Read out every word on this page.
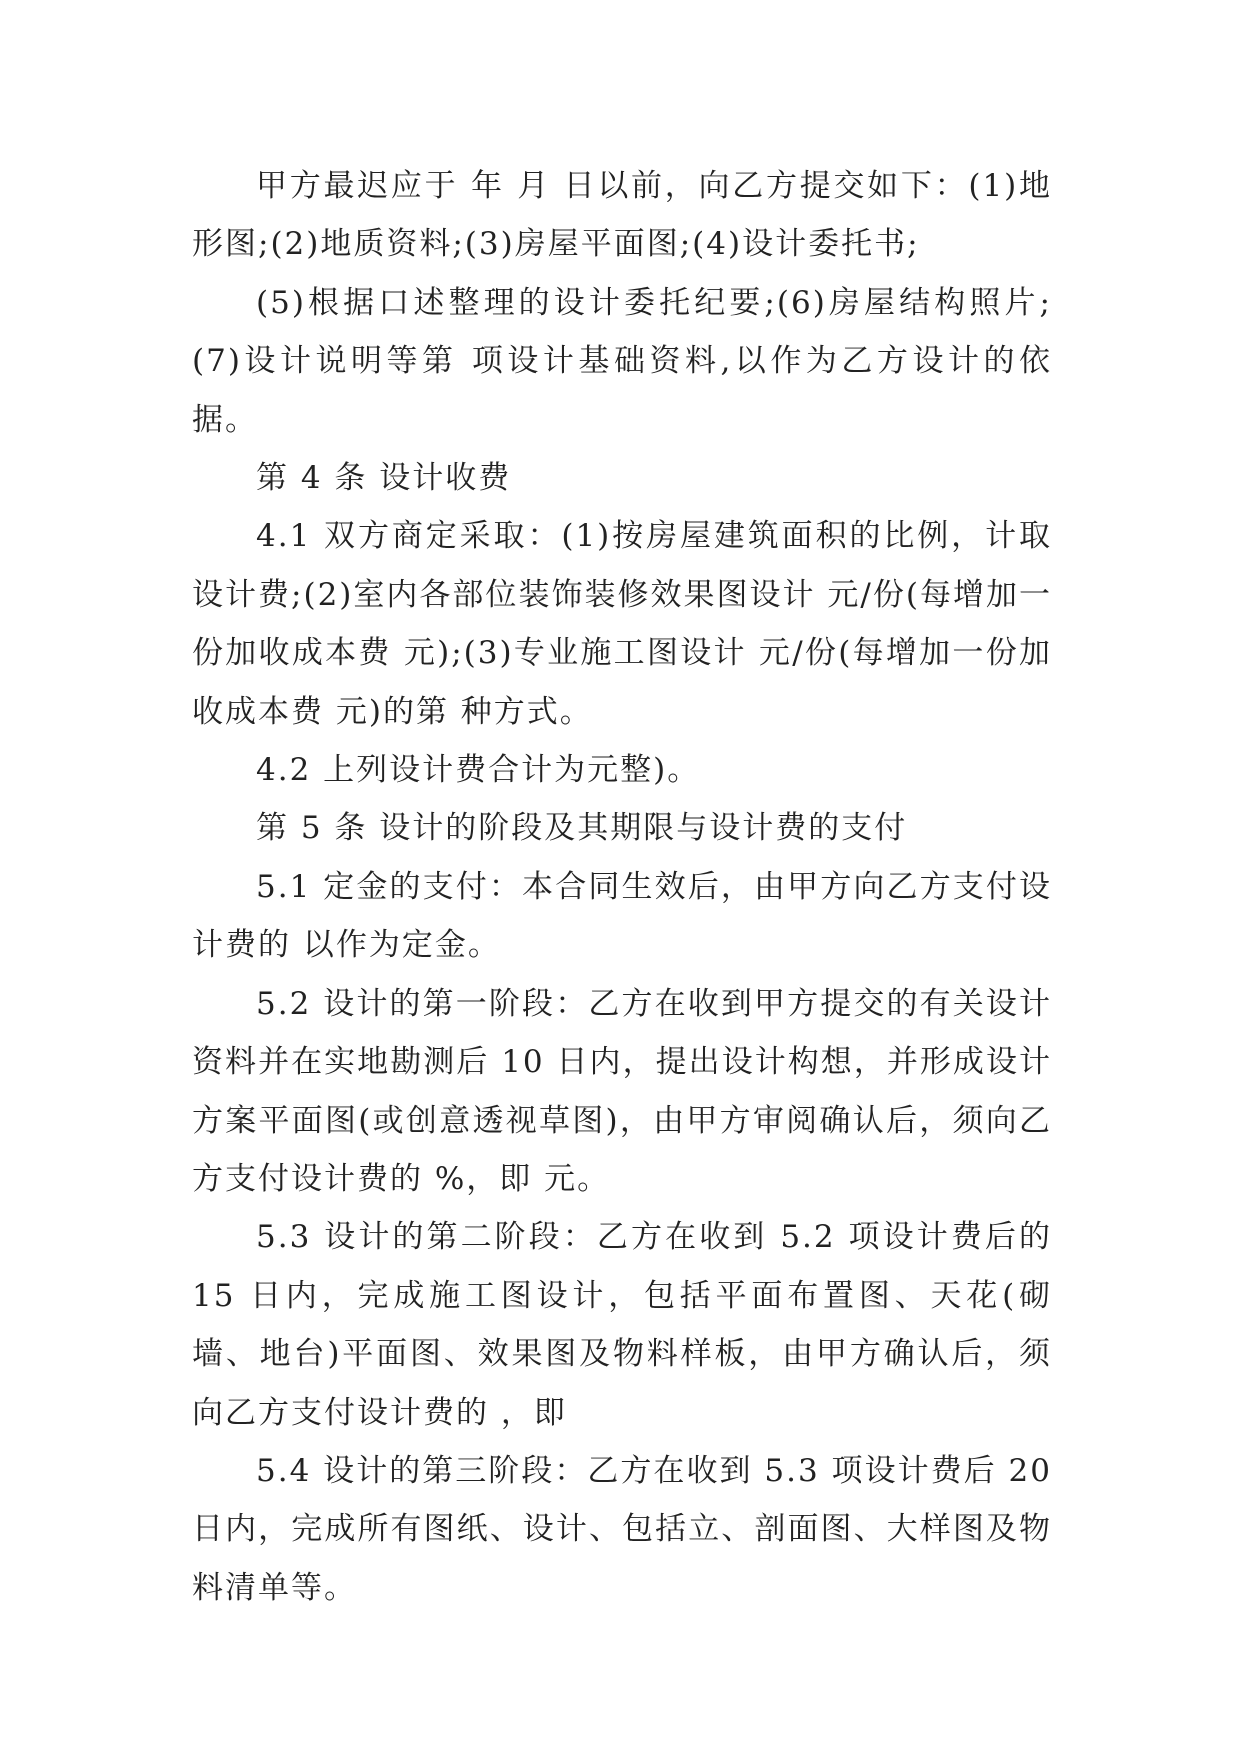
甲方最迟应于 年 月 日以前，向乙方提交如下：(1)地形图;(2)地质资料;(3)房屋平面图;(4)设计委托书;

(5)根据口述整理的设计委托纪要;(6)房屋结构照片;(7)设计说明等第 项设计基础资料,以作为乙方设计的依据。

第 4 条 设计收费

4.1 双方商定采取：(1)按房屋建筑面积的比例，计取设计费;(2)室内各部位装饰装修效果图设计 元/份(每增加一份加收成本费 元);(3)专业施工图设计 元/份(每增加一份加收成本费 元)的第 种方式。

4.2 上列设计费合计为元整)。

第 5 条 设计的阶段及其期限与设计费的支付

5.1 定金的支付：本合同生效后，由甲方向乙方支付设计费的 以作为定金。

5.2 设计的第一阶段：乙方在收到甲方提交的有关设计资料并在实地勘测后 10 日内，提出设计构想，并形成设计方案平面图(或创意透视草图)，由甲方审阅确认后，须向乙方支付设计费的 %，即 元。

5.3 设计的第二阶段：乙方在收到 5.2 项设计费后的 15 日内，完成施工图设计，包括平面布置图、天花(砌墙、地台)平面图、效果图及物料样板，由甲方确认后，须向乙方支付设计费的 ，即

5.4 设计的第三阶段：乙方在收到 5.3 项设计费后 20 日内，完成所有图纸、设计、包括立、剖面图、大样图及物料清单等。
